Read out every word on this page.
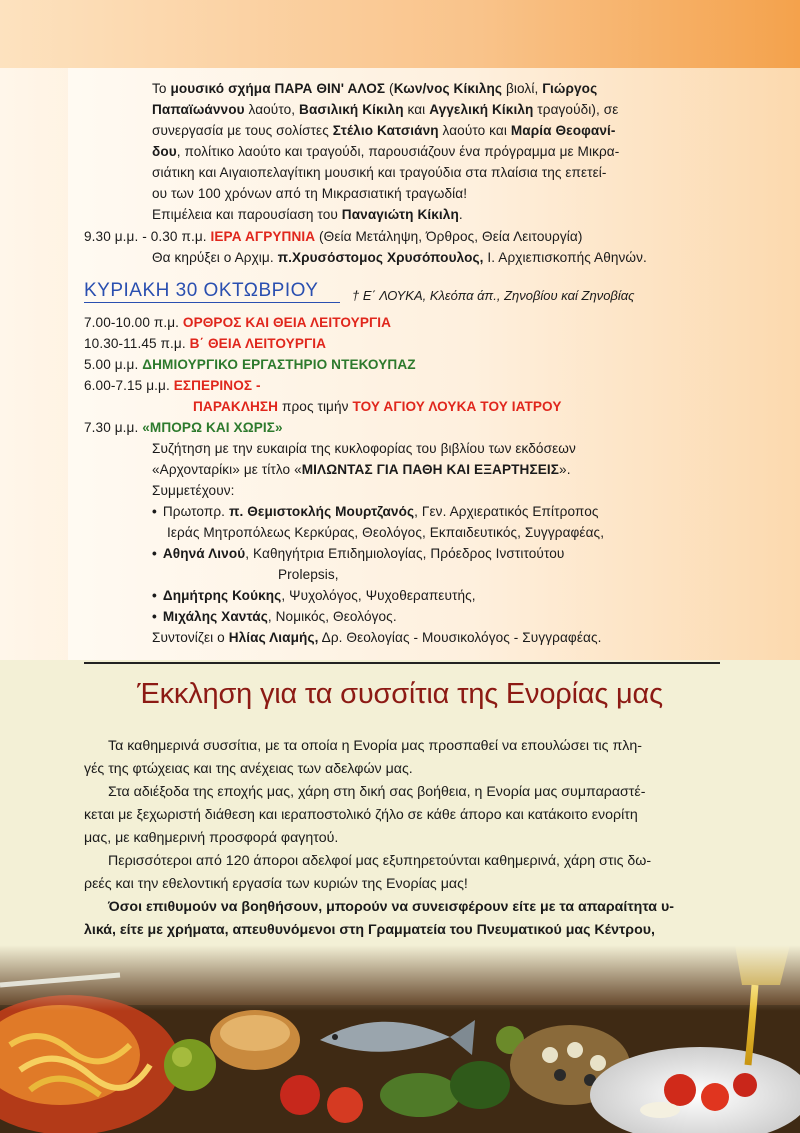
Το μουσικό σχήμα ΠΑΡΑ ΘΙΝ' ΑΛΟΣ (Κων/νος Κίκιλης βιολί, Γιώργος
Παπαϊωάννου λαούτο, Βασιλική Κίκιλη και Αγγελική Κίκιλη τραγούδι), σε
συνεργασία με τους σολίστες Στέλιο Κατσιάνη λαούτο και Μαρία Θεοφανί-
δου, πολίτικο λαούτο και τραγούδι, παρουσιάζουν ένα πρόγραμμα με Μικρα-
σιάτικη και Αιγαιοπελαγίτικη μουσική και τραγούδια στα πλαίσια της επετεί-
ου των 100 χρόνων από τη Μικρασιατική τραγωδία!
Επιμέλεια και παρουσίαση του Παναγιώτη Κίκιλη.
9.30 μ.μ. - 0.30 π.μ. ΙΕΡΑ ΑΓΡΥΠΝΙΑ (Θεία Μετάληψη, Όρθρος, Θεία Λειτουργία)
Θα κηρύξει ο Αρχιμ. π.Χρυσόστομος Χρυσόπουλος, Ι. Αρχιεπισκοπής Αθηνών.
ΚΥΡΙΑΚΗ 30 ΟΚΤΩΒΡΙΟΥ	† Ε΄ ΛΟΥΚΑ, Κλεόπα άπ., Ζηνοβίου καί Ζηνοβίας
7.00-10.00 π.μ. ΟΡΘΡΟΣ ΚΑΙ ΘΕΙΑ ΛΕΙΤΟΥΡΓΙΑ
10.30-11.45 π.μ. Β΄ ΘΕΙΑ ΛΕΙΤΟΥΡΓΙΑ
5.00 μ.μ. ΔΗΜΙΟΥΡΓΙΚΟ ΕΡΓΑΣΤΗΡΙΟ ΝΤΕΚΟΥΠΑΖ
6.00-7.15 μ.μ. ΕΣΠΕΡΙΝΟΣ -
ΠΑΡΑΚΛΗΣΗ προς τιμήν ΤΟΥ ΑΓΙΟΥ ΛΟΥΚΑ ΤΟΥ ΙΑΤΡΟΥ
7.30 μ.μ. «ΜΠΟΡΩ ΚΑΙ ΧΩΡΙΣ»
Συζήτηση με την ευκαιρία της κυκλοφορίας του βιβλίου των εκδόσεων
«Αρχονταρίκι» με τίτλο «ΜΙΛΩΝΤΑΣ ΓΙΑ ΠΑΘΗ ΚΑΙ ΕΞΑΡΤΗΣΕΙΣ».
Συμμετέχουν:
• Πρωτοπρ. π. Θεμιστοκλής Μουρτζανός, Γεν. Αρχιερατικός Επίτροπος
Ιεράς Μητροπόλεως Κερκύρας, Θεολόγος, Εκπαιδευτικός, Συγγραφέας,
• Αθηνά Λινού, Καθηγήτρια Επιδημιολογίας, Πρόεδρος Ινστιτούτου
Prolepsis,
• Δημήτρης Κούκης, Ψυχολόγος, Ψυχοθεραπευτής,
• Μιχάλης Χαντάς, Νομικός, Θεολόγος.
Συντονίζει ο Ηλίας Λιαμής, Δρ. Θεολογίας - Μουσικολόγος - Συγγραφέας.
Έκκληση για τα συσσίτια της Ενορίας μας
Τα καθημερινά συσσίτια, με τα οποία η Ενορία μας προσπαθεί να επουλώσει τις πλη-
γές της φτώχειας και της ανέχειας των αδελφών μας.
Στα αδιέξοδα της εποχής μας, χάρη στη δική σας βοήθεια, η Ενορία μας συμπαραστέ-
κεται με ξεχωριστή διάθεση και ιεραποστολικό ζήλο σε κάθε άπορο και κατάκοιτο ενορίτη
μας, με καθημερινή προσφορά φαγητού.
Περισσότεροι από 120 άποροι αδελφοί μας εξυπηρετούνται καθημερινά, χάρη στις δω-
ρεές και την εθελοντική εργασία των κυριών της Ενορίας μας!
Όσοι επιθυμούν να βοηθήσουν, μπορούν να συνεισφέρουν είτε με τα απαραίτητα υ-
λικά, είτε με χρήματα, απευθυνόμενοι στη Γραμματεία του Πνευματικού μας Κέντρου,
